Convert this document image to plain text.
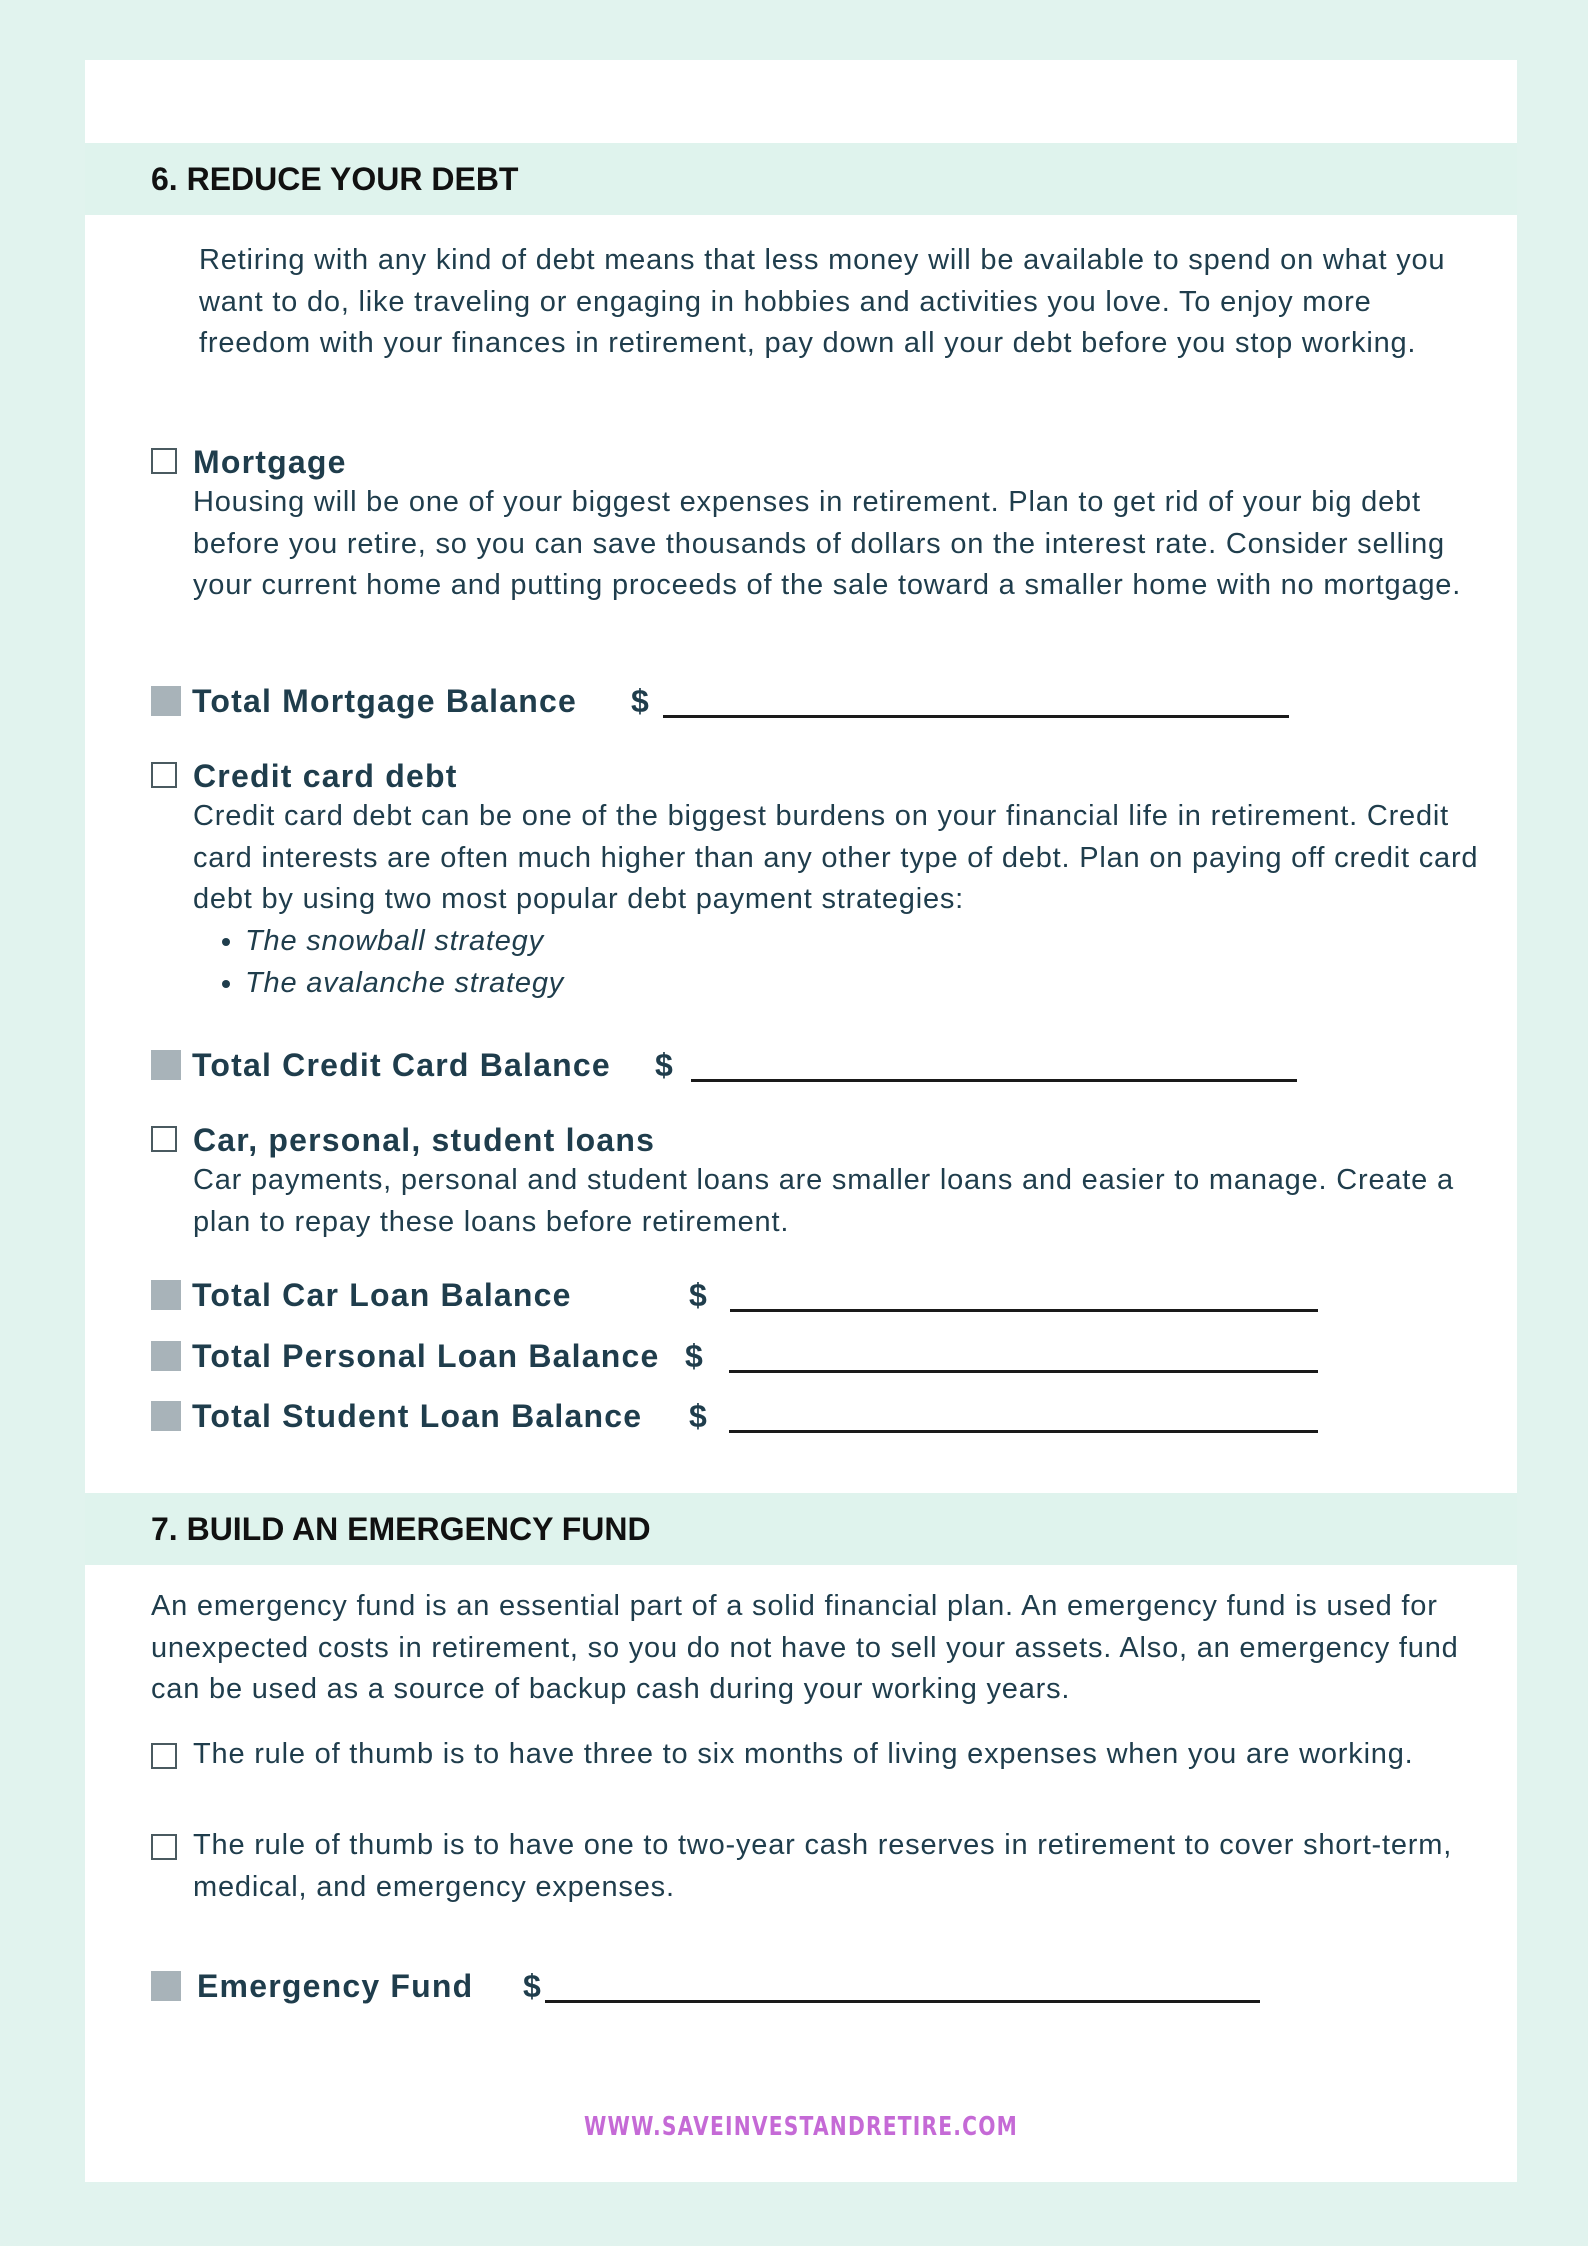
6. REDUCE YOUR DEBT

Retiring with any kind of debt means that less money will be available to spend on what you want to do, like traveling or engaging in hobbies and activities you love. To enjoy more freedom with your finances in retirement, pay down all your debt before you stop working.

Mortgage

Housing will be one of your biggest expenses in retirement. Plan to get rid of your big debt before you retire, so you can save thousands of dollars on the interest rate. Consider selling your current home and putting proceeds of the sale toward a smaller home with no mortgage.

Total Mortgage Balance $
Credit card debt

Credit card debt can be one of the biggest burdens on your financial life in retirement. Credit card interests are often much higher than any other type of debt. Plan on paying off credit card debt by using two most popular debt payment strategies:

• The snowball strategy
• The avalanche strategy
Total Credit Card Balance $
Car, personal, student loans

Car payments, personal and student loans are smaller loans and easier to manage. Create a plan to repay these loans before retirement.

Total Car Loan Balance	$
Total Personal Loan Balance $
Total Student Loan Balance $
7. BUILD AN EMERGENCY FUND

An emergency fund is an essential part of a solid financial plan. An emergency fund is used for unexpected costs in retirement, so you do not have to sell your assets. Also, an emergency fund can be used as a source of backup cash during your working years.

The rule of thumb is to have three to six months of living expenses when you are working.

The rule of thumb is to have one to two-year cash reserves in retirement to cover short-term, medical, and emergency expenses.

Emergency Fund $
WWW.SAVEINVESTANDRETIRE.COM
